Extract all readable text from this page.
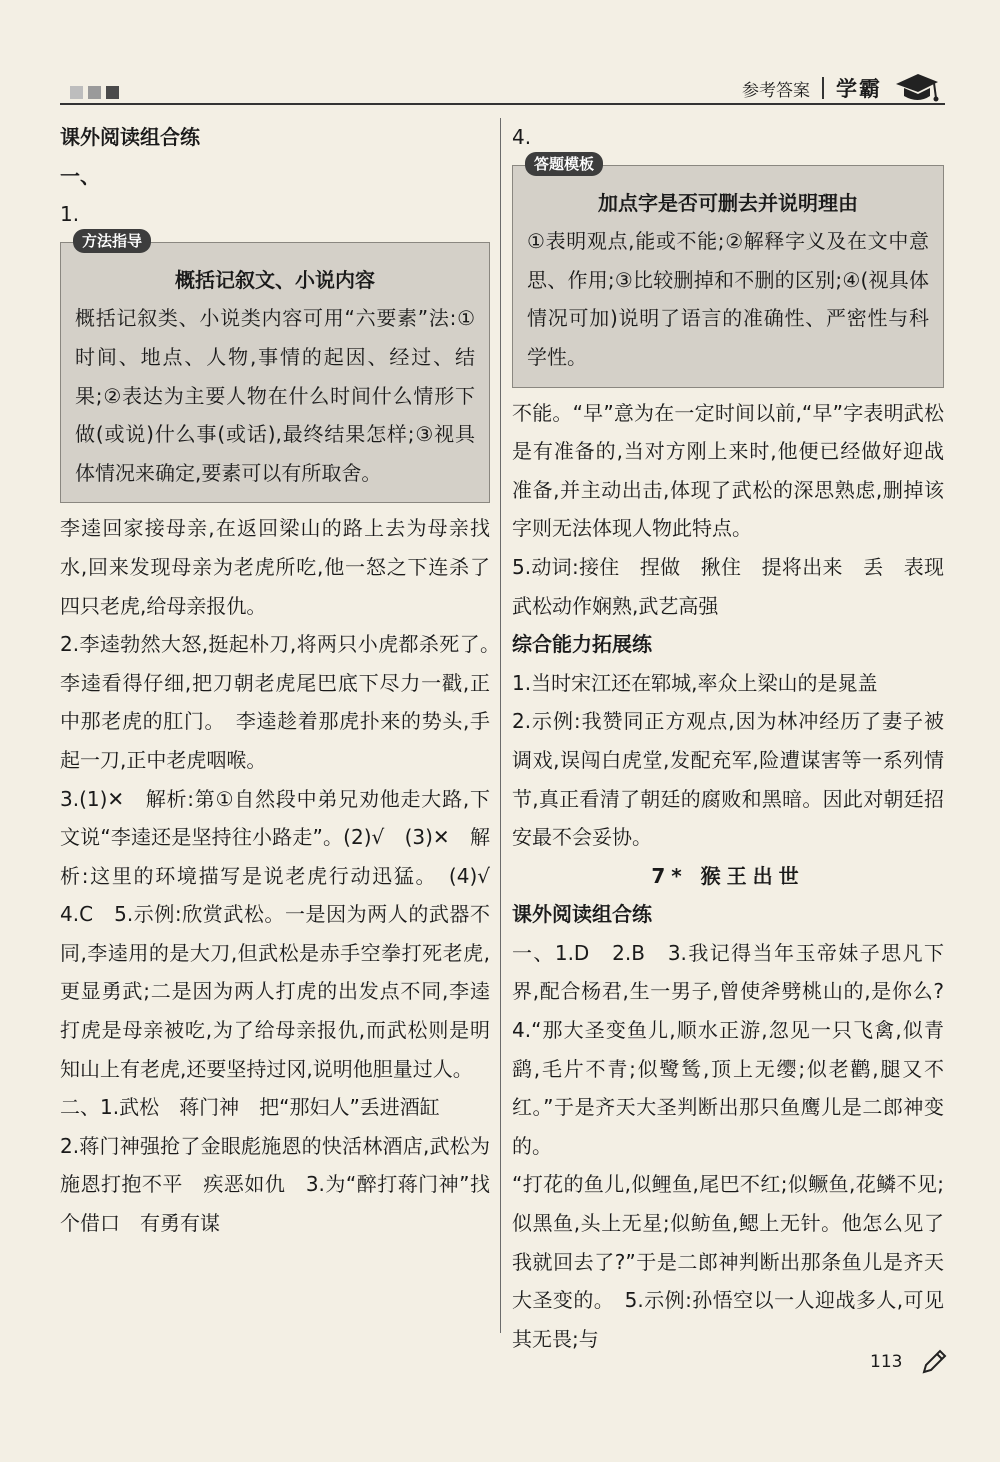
参考答案 学霸

课外阅读组合练

一、

1.

方法指导

概括记叙文、小说内容

概括记叙类、小说类内容可用“六要素”法:①时间、地点、人物,事情的起因、经过、结果;②表达为主要人物在什么时间什么情形下做(或说)什么事(或话),最终结果怎样;③视具体情况来确定,要素可以有所取舍。

李逵回家接母亲,在返回梁山的路上去为母亲找水,回来发现母亲为老虎所吃,他一怒之下连杀了四只老虎,给母亲报仇。

2.李逵勃然大怒,挺起朴刀,将两只小虎都杀死了。　李逵看得仔细,把刀朝老虎尾巴底下尽力一戳,正中那老虎的肛门。　李逵趁着那虎扑来的势头,手起一刀,正中老虎咽喉。

3.(1)✕　解析:第①自然段中弟兄劝他走大路,下文说“李逵还是坚持往小路走”。(2)√　(3)✕　解析:这里的环境描写是说老虎行动迅猛。　(4)√　4.C　5.示例:欣赏武松。一是因为两人的武器不同,李逵用的是大刀,但武松是赤手空拳打死老虎,更显勇武;二是因为两人打虎的出发点不同,李逵打虎是母亲被吃,为了给母亲报仇,而武松则是明知山上有老虎,还要坚持过冈,说明他胆量过人。

二、1.武松　蒋门神　把“那妇人”丢进酒缸

2.蒋门神强抢了金眼彪施恩的快活林酒店,武松为施恩打抱不平　疾恶如仇　3.为“醉打蒋门神”找个借口　有勇有谋

4.

答题模板

加点字是否可删去并说明理由

①表明观点,能或不能;②解释字义及在文中意思、作用;③比较删掉和不删的区别;④(视具体情况可加)说明了语言的准确性、严密性与科学性。

不能。“早”意为在一定时间以前,“早”字表明武松是有准备的,当对方刚上来时,他便已经做好迎战准备,并主动出击,体现了武松的深思熟虑,删掉该字则无法体现人物此特点。

5.动词:接住　捏做　揪住　提将出来　丢　表现武松动作娴熟,武艺高强

综合能力拓展练

1.当时宋江还在郓城,率众上梁山的是晁盖

2.示例:我赞同正方观点,因为林冲经历了妻子被调戏,误闯白虎堂,发配充军,险遭谋害等一系列情节,真正看清了朝廷的腐败和黑暗。因此对朝廷招安最不会妥协。

7* 猴王出世

课外阅读组合练

一、1.D　2.B　3.我记得当年玉帝妹子思凡下界,配合杨君,生一男子,曾使斧劈桃山的,是你么?　4.“那大圣变鱼儿,顺水正游,忽见一只飞禽,似青鹞,毛片不青;似鹭鸶,顶上无缨;似老鹳,腿又不红。”于是齐天大圣判断出那只鱼鹰儿是二郎神变的。

“打花的鱼儿,似鲤鱼,尾巴不红;似鳜鱼,花鳞不见;似黑鱼,头上无星;似鲂鱼,鳃上无针。他怎么见了我就回去了?”于是二郎神判断出那条鱼儿是齐天大圣变的。　5.示例:孙悟空以一人迎战多人,可见其无畏;与

113
